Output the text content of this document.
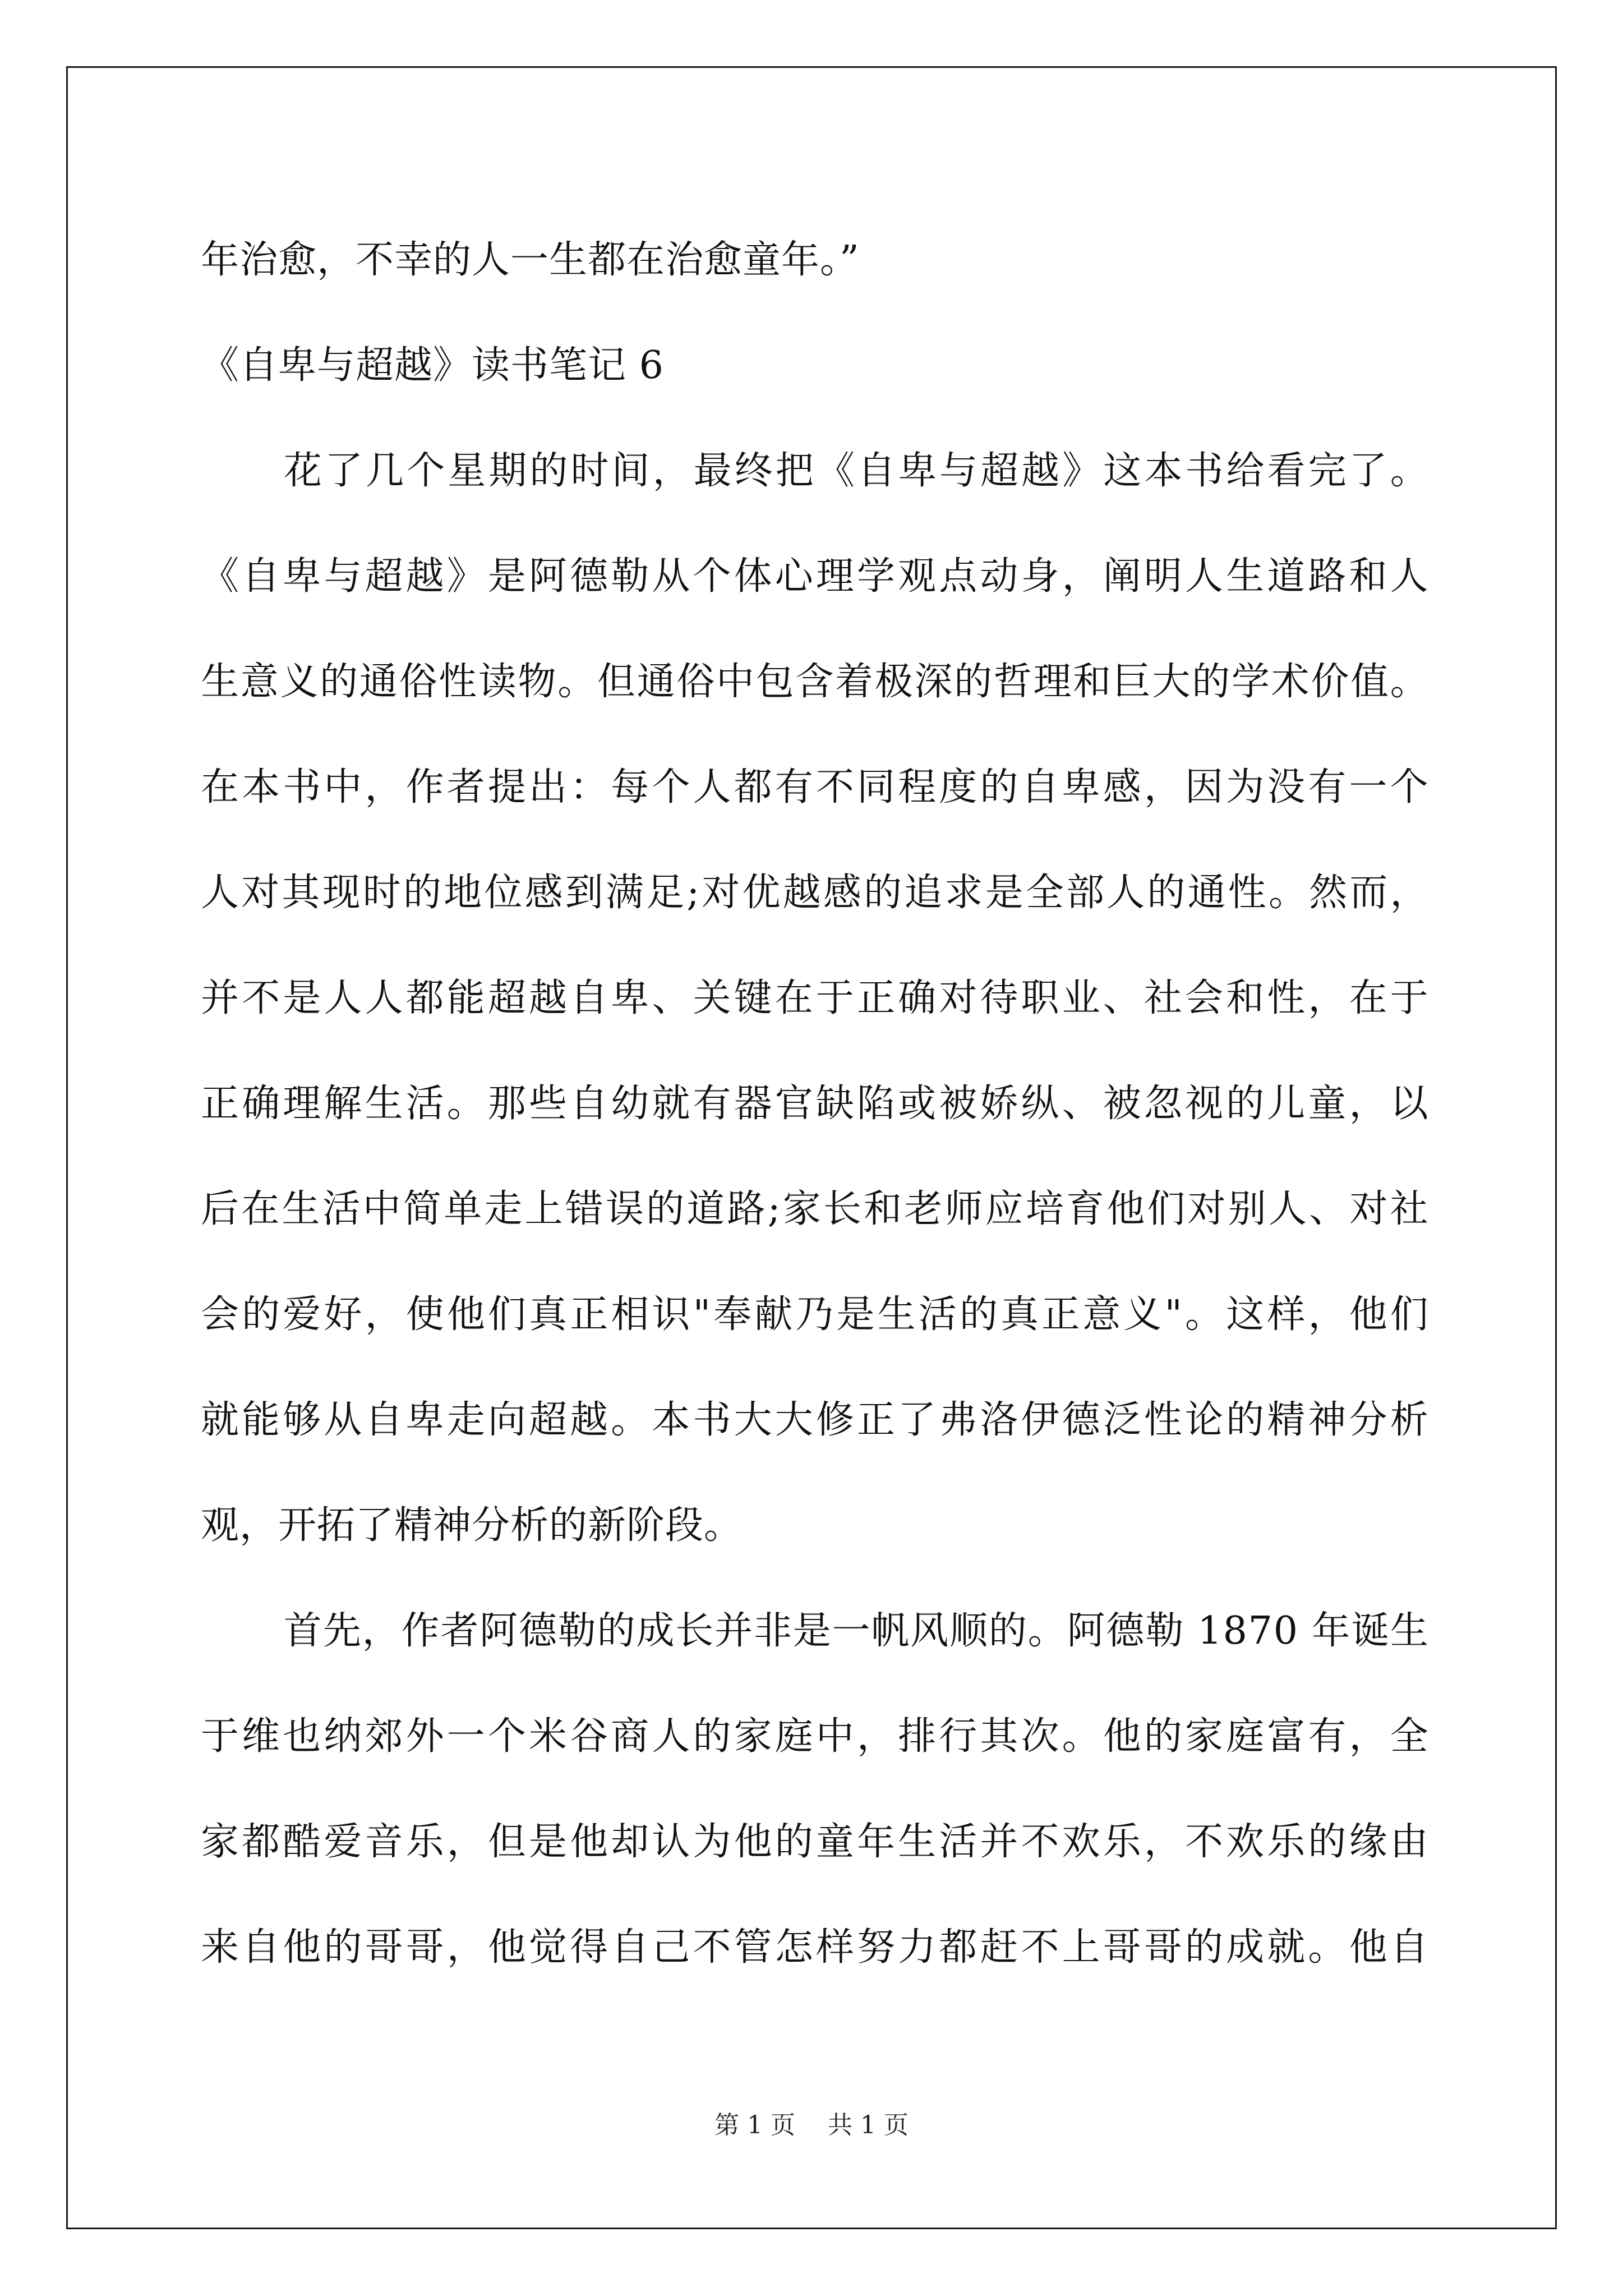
年治愈，不幸的人一生都在治愈童年。”
《自卑与超越》读书笔记 6
花 了 几 个 星 期 的 时 间 ， 最 终 把 《 自 卑 与 超 越 》 这 本 书 给 看 完 了 。
《 自 卑 与 超 越 》 是 阿 德 勒 从 个 体 心 理 学 观 点 动 身 ， 阐 明 人 生 道 路 和 人
生 意 义 的 通 俗 性 读 物 。 但 通 俗 中 包 含 着 极 深 的 哲 理 和 巨 大 的 学 术 价 值 。
在 本 书 中 ， 作 者 提 出 ： 每 个 人 都 有 不 同 程 度 的 自 卑 感 ， 因 为 没 有 一 个
人 对 其 现 时 的 地 位 感 到 满 足 ; 对 优 越 感 的 追 求 是 全 部 人 的 通 性 。 然 而 ，
并 不 是 人 人 都 能 超 越 自 卑 、 关 键 在 于 正 确 对 待 职 业 、 社 会 和 性 ， 在 于
正 确 理 解 生 活 。 那 些 自 幼 就 有 器 官 缺 陷 或 被 娇 纵 、 被 忽 视 的 儿 童 ， 以
后 在 生 活 中 简 单 走 上 错 误 的 道 路 ; 家 长 和 老 师 应 培 育 他 们 对 别 人 、 对 社
会 的 爱 好 ， 使 他 们 真 正 相 识 " 奉 献 乃 是 生 活 的 真 正 意 义 " 。 这 样 ， 他 们
就 能 够 从 自 卑 走 向 超 越 。 本 书 大 大 修 正 了 弗 洛 伊 德 泛 性 论 的 精 神 分 析
观，开拓了精神分析的新阶段。
首 先 ， 作 者 阿 德 勒 的 成 长 并 非 是 一 帆 风 顺 的 。 阿 德 勒
1 8 7 0
年 诞 生
于 维 也 纳 郊 外 一 个 米 谷 商 人 的 家 庭 中 ， 排 行 其 次 。 他 的 家 庭 富 有 ， 全
家 都 酷 爱 音 乐 ， 但 是 他 却 认 为 他 的 童 年 生 活 并 不 欢 乐 ， 不 欢 乐 的 缘 由
来 自 他 的 哥 哥 ， 他 觉 得 自 己 不 管 怎 样 努 力 都 赶 不 上 哥 哥 的 成 就 。 他 自
第 1 页 共 1 页
